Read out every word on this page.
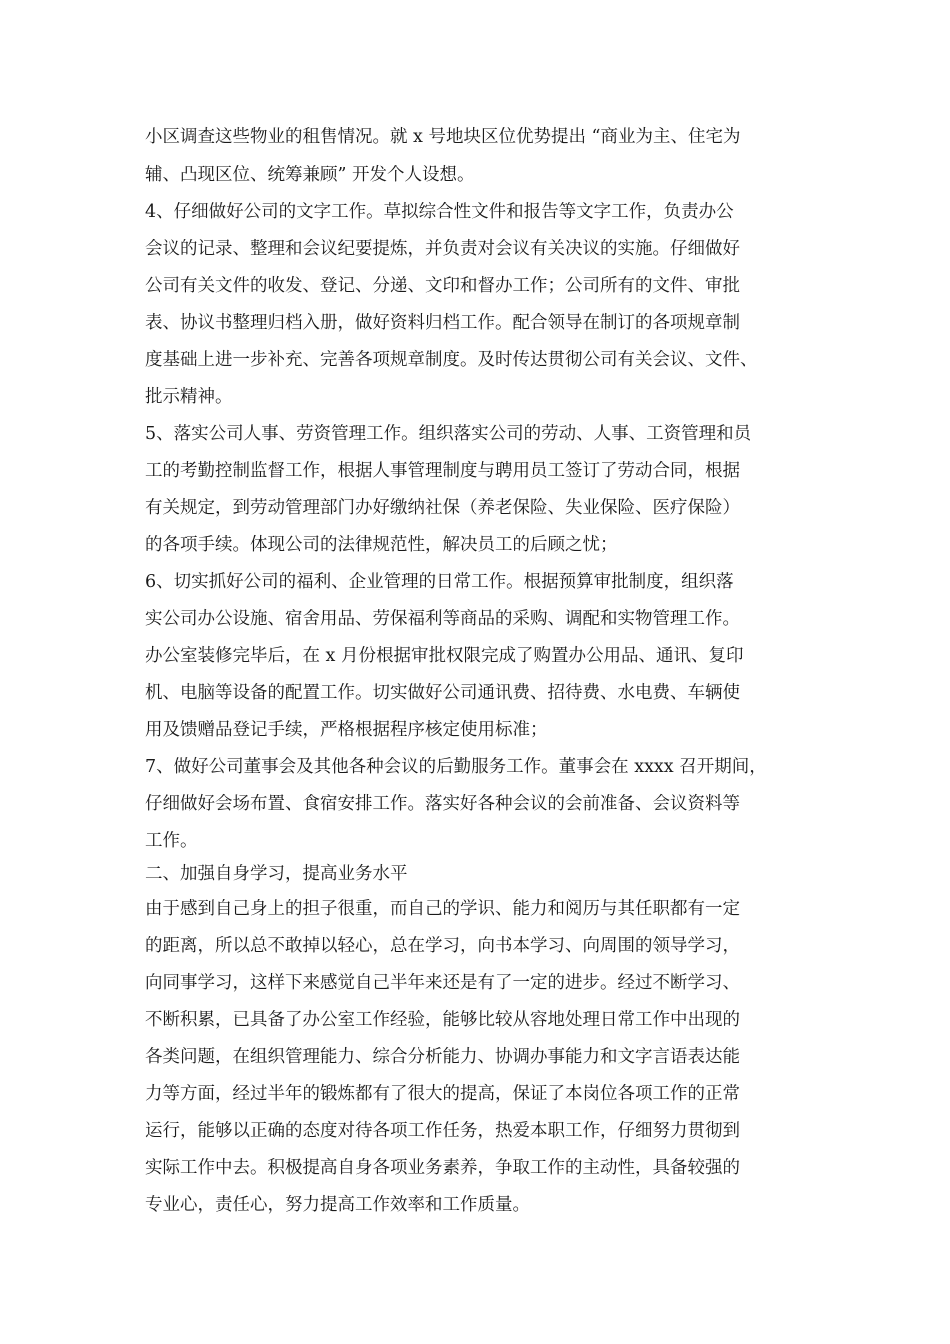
小区调查这些物业的租售情况。就 x 号地块区位优势提出 “商业为主、住宅为
辅、凸现区位、统筹兼顾” 开发个人设想。
4、仔细做好公司的文字工作。草拟综合性文件和报告等文字工作，负责办公
会议的记录、整理和会议纪要提炼，并负责对会议有关决议的实施。仔细做好
公司有关文件的收发、登记、分递、文印和督办工作；公司所有的文件、审批
表、协议书整理归档入册，做好资料归档工作。配合领导在制订的各项规章制
度基础上进一步补充、完善各项规章制度。及时传达贯彻公司有关会议、文件、
批示精神。
5、落实公司人事、劳资管理工作。组织落实公司的劳动、人事、工资管理和员
工的考勤控制监督工作，根据人事管理制度与聘用员工签订了劳动合同，根据
有关规定，到劳动管理部门办好缴纳社保（养老保险、失业保险、医疗保险）
的各项手续。体现公司的法律规范性，解决员工的后顾之忧；
6、切实抓好公司的福利、企业管理的日常工作。根据预算审批制度，组织落
实公司办公设施、宿舍用品、劳保福利等商品的采购、调配和实物管理工作。
办公室装修完毕后，在 x 月份根据审批权限完成了购置办公用品、通讯、复印
机、电脑等设备的配置工作。切实做好公司通讯费、招待费、水电费、车辆使
用及馈赠品登记手续，严格根据程序核定使用标准；
7、做好公司董事会及其他各种会议的后勤服务工作。董事会在 xxxx 召开期间，
仔细做好会场布置、食宿安排工作。落实好各种会议的会前准备、会议资料等
工作。
二、加强自身学习，提高业务水平
由于感到自己身上的担子很重，而自己的学识、能力和阅历与其任职都有一定
的距离，所以总不敢掉以轻心，总在学习，向书本学习、向周围的领导学习，
向同事学习，这样下来感觉自己半年来还是有了一定的进步。经过不断学习、
不断积累，已具备了办公室工作经验，能够比较从容地处理日常工作中出现的
各类问题，在组织管理能力、综合分析能力、协调办事能力和文字言语表达能
力等方面，经过半年的锻炼都有了很大的提高，保证了本岗位各项工作的正常
运行，能够以正确的态度对待各项工作任务，热爱本职工作，仔细努力贯彻到
实际工作中去。积极提高自身各项业务素养，争取工作的主动性，具备较强的
专业心，责任心，努力提高工作效率和工作质量。
